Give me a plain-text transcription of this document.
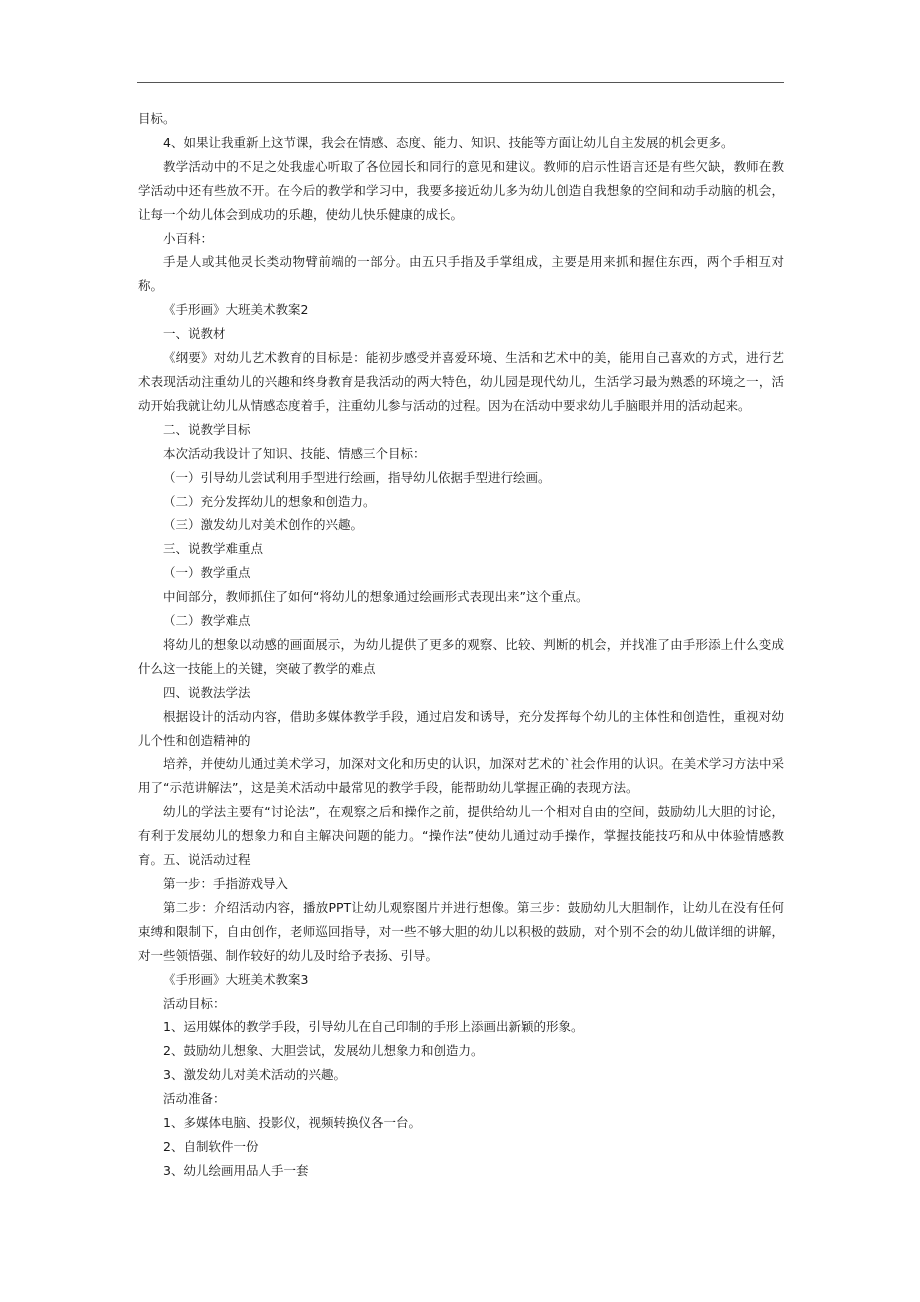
目标。

4、如果让我重新上这节课，我会在情感、态度、能力、知识、技能等方面让幼儿自主发展的机会更多。

教学活动中的不足之处我虚心听取了各位园长和同行的意见和建议。教师的启示性语言还是有些欠缺，教师在教学活动中还有些放不开。在今后的教学和学习中，我要多接近幼儿多为幼儿创造自我想象的空间和动手动脑的机会，让每一个幼儿体会到成功的乐趣，使幼儿快乐健康的成长。

小百科：

手是人或其他灵长类动物臂前端的一部分。由五只手指及手掌组成，主要是用来抓和握住东西，两个手相互对称。

《手形画》大班美术教案2

一、说教材

《纲要》对幼儿艺术教育的目标是：能初步感受并喜爱环境、生活和艺术中的美，能用自己喜欢的方式，进行艺术表现活动注重幼儿的兴趣和终身教育是我活动的两大特色，幼儿园是现代幼儿，生活学习最为熟悉的环境之一，活动开始我就让幼儿从情感态度着手，注重幼儿参与活动的过程。因为在活动中要求幼儿手脑眼并用的活动起来。

二、说教学目标

本次活动我设计了知识、技能、情感三个目标：

（一）引导幼儿尝试利用手型进行绘画，指导幼儿依据手型进行绘画。

（二）充分发挥幼儿的想象和创造力。

（三）激发幼儿对美术创作的兴趣。

三、说教学难重点

（一）教学重点

中间部分，教师抓住了如何“将幼儿的想象通过绘画形式表现出来”这个重点。

（二）教学难点

将幼儿的想象以动感的画面展示，为幼儿提供了更多的观察、比较、判断的机会，并找准了由手形添上什么变成什么这一技能上的关键，突破了教学的难点

四、说教法学法

根据设计的活动内容，借助多媒体教学手段，通过启发和诱导，充分发挥每个幼儿的主体性和创造性，重视对幼儿个性和创造精神的

培养，并使幼儿通过美术学习，加深对文化和历史的认识，加深对艺术的`社会作用的认识。在美术学习方法中采用了“示范讲解法”，这是美术活动中最常见的教学手段，能帮助幼儿掌握正确的表现方法。

幼儿的学法主要有“讨论法”，在观察之后和操作之前，提供给幼儿一个相对自由的空间，鼓励幼儿大胆的讨论，有利于发展幼儿的想象力和自主解决问题的能力。“操作法”使幼儿通过动手操作，掌握技能技巧和从中体验情感教育。五、说活动过程

第一步：手指游戏导入

第二步：介绍活动内容，播放PPT让幼儿观察图片并进行想像。第三步：鼓励幼儿大胆制作，让幼儿在没有任何束缚和限制下，自由创作，老师巡回指导，对一些不够大胆的幼儿以积极的鼓励，对个别不会的幼儿做详细的讲解，对一些领悟强、制作较好的幼儿及时给予表扬、引导。

《手形画》大班美术教案3

活动目标：

1、运用媒体的教学手段，引导幼儿在自己印制的手形上添画出新颖的形象。

2、鼓励幼儿想象、大胆尝试，发展幼儿想象力和创造力。

3、激发幼儿对美术活动的兴趣。

活动准备：

1、多媒体电脑、投影仪，视频转换仪各一台。

2、自制软件一份

3、幼儿绘画用品人手一套
